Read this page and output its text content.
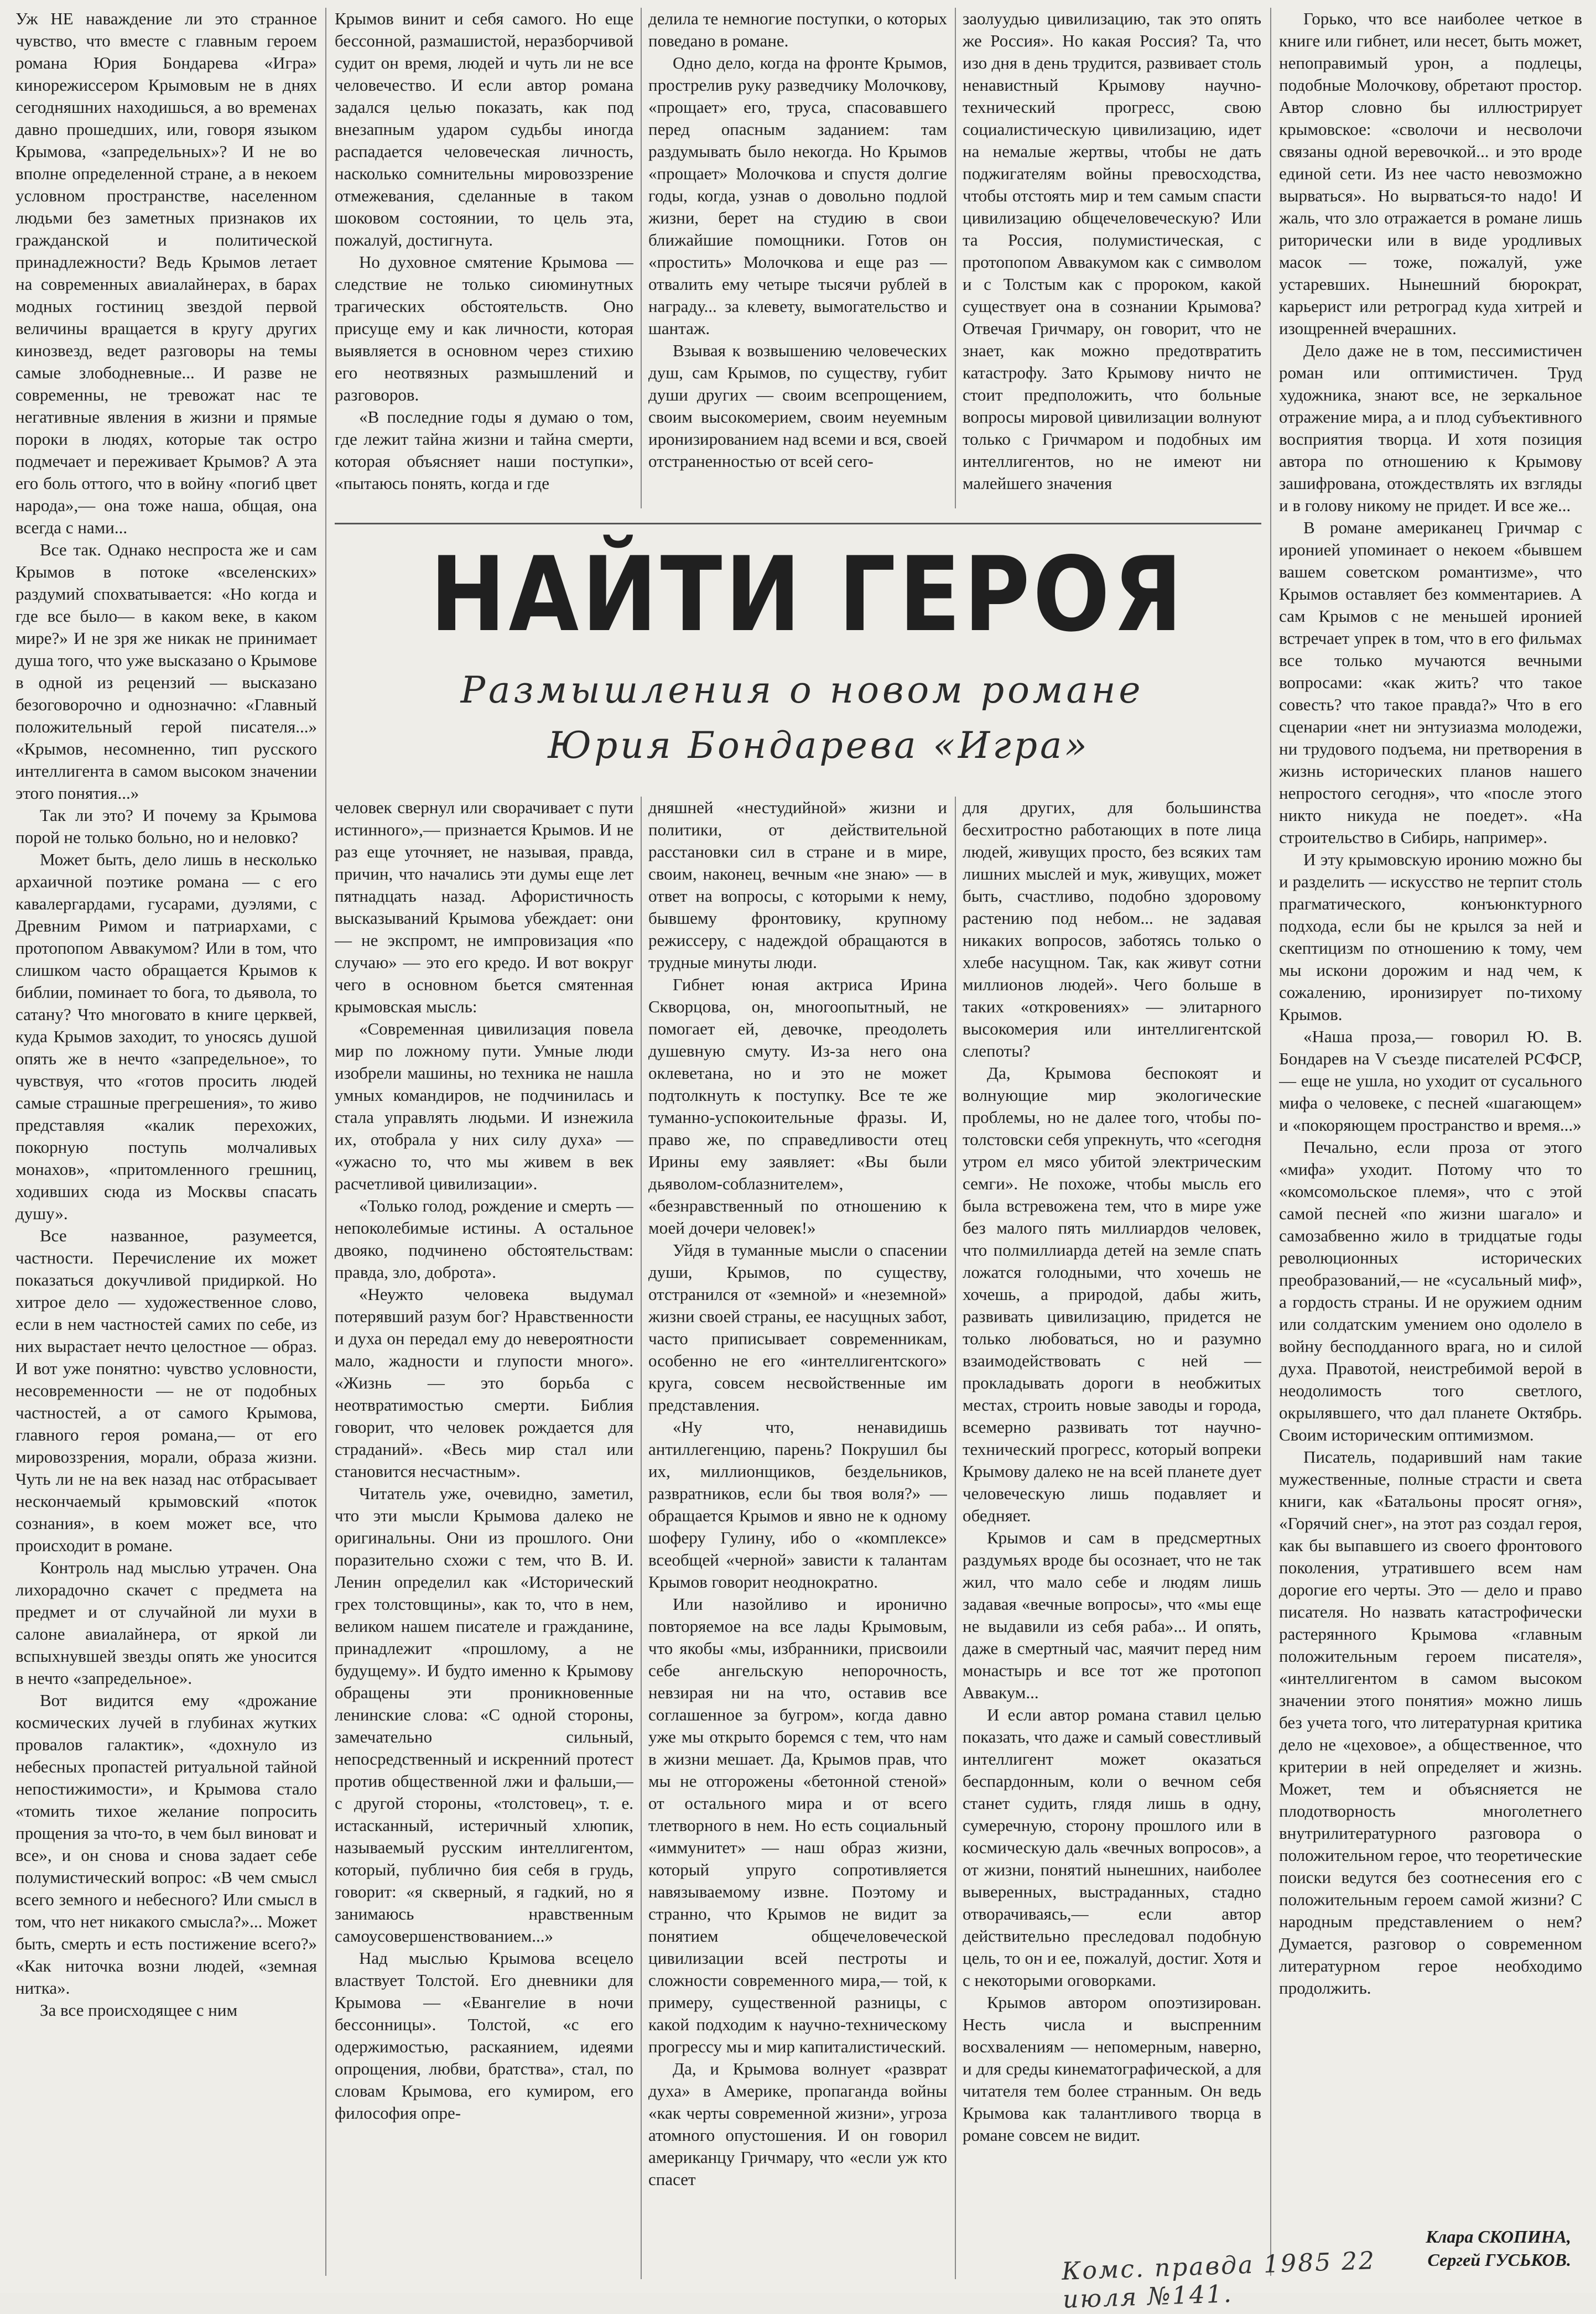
Уж НЕ наваждение ли это странное чувство, что вместе с главным героем романа Юрия Бондарева «Игра» кинорежиссером Крымовым не в днях сегодняшних находишься, а во временах давно прошедших, или, говоря языком Крымова, «запредельных»? И не во вполне определенной стране, а в некоем условном пространстве, населенном людьми без заметных признаков их гражданской и политической принадлежности? Ведь Крымов летает на современных авиалайнерах, в барах модных гостиниц звездой первой величины вращается в кругу других кинозвезд, ведет разговоры на темы самые злободневные... И разве не современны, не тревожат нас те негативные явления в жизни и прямые пороки в людях, которые так остро подмечает и переживает Крымов? А эта его боль оттого, что в войну «погиб цвет народа»,— она тоже наша, общая, она всегда с нами...

Все так. Однако неспроста же и сам Крымов в потоке «вселенских» раздумий спохватывается: «Но когда и где все было— в каком веке, в каком мире?» И не зря же никак не принимает душа того, что уже высказано о Крымове в одной из рецензий — высказано безоговорочно и однозначно: «Главный положительный герой писателя...» «Крымов, несомненно, тип русского интеллигента в самом высоком значении этого понятия...»

Так ли это? И почему за Крымова порой не только больно, но и неловко?

Может быть, дело лишь в несколько архаичной поэтике романа — с его кавалергардами, гусарами, дуэлями, с Древним Римом и патриархами, с протопопом Аввакумом? Или в том, что слишком часто обращается Крымов к библии, поминает то бога, то дьявола, то сатану? Что многовато в книге церквей, куда Крымов заходит, то уносясь душой опять же в нечто «запредельное», то чувствуя, что «готов просить людей самые страшные прегрешения», то живо представляя «калик перехожих, покорную поступь молчаливых монахов», «притомленного грешниц, ходивших сюда из Москвы спасать душу».

Все названное, разумеется, частности. Перечисление их может показаться докучливой придиркой. Но хитрое дело — художественное слово, если в нем частностей самих по себе, из них вырастает нечто целостное — образ. И вот уже понятно: чувство условности, несовременности — не от подобных частностей, а от самого Крымова, главного героя романа,— от его мировоззрения, морали, образа жизни. Чуть ли не на век назад нас отбрасывает нескончаемый крымовский «поток сознания», в коем может все, что происходит в романе.

Контроль над мыслью утрачен. Она лихорадочно скачет с предмета на предмет и от случайной ли мухи в салоне авиалайнера, от яркой ли вспыхнувшей звезды опять же уносится в нечто «запредельное».

Вот видится ему «дрожание космических лучей в глубинах жутких провалов галактик», «дохнуло из небесных пропастей ритуальной тайной непостижимости», и Крымова стало «томить тихое желание попросить прощения за что-то, в чем был виноват и все», и он снова и снова задает себе полумистический вопрос: «В чем смысл всего земного и небесного? Или смысл в том, что нет никакого смысла?»... Может быть, смерть и есть постижение всего?» «Как ниточка возни людей, «земная нитка».

За все происходящее с ним

Крымов винит и себя самого. Но еще бессонной, размашистой, неразборчивой судит он время, людей и чуть ли не все человечество. И если автор романа задался целью показать, как под внезапным ударом судьбы иногда распадается человеческая личность, насколько сомнительны мировоззрение отмежевания, сделанные в таком шоковом состоянии, то цель эта, пожалуй, достигнута.

Но духовное смятение Крымова — следствие не только сиюминутных трагических обстоятельств. Оно присуще ему и как личности, которая выявляется в основном через стихию его неотвязных размышлений и разговоров.

«В последние годы я думаю о том, где лежит тайна жизни и тайна смерти, которая объясняет наши поступки», «пытаюсь понять, когда и где

делила те немногие поступки, о которых поведано в романе.

Одно дело, когда на фронте Крымов, прострелив руку разведчику Молочкову, «прощает» его, труса, спасовавшего перед опасным заданием: там раздумывать было некогда. Но Крымов «прощает» Молочкова и спустя долгие годы, когда, узнав о довольно подлой жизни, берет на студию в свои ближайшие помощники. Готов он «простить» Молочкова и еще раз — отвалить ему четыре тысячи рублей в награду... за клевету, вымогательство и шантаж.

Взывая к возвышению человеческих душ, сам Крымов, по существу, губит души других — своим всепрощением, своим высокомерием, своим неуемным иронизированием над всеми и вся, своей отстраненностью от всей сего-

заолуудью цивилизацию, так это опять же Россия». Но какая Россия? Та, что изо дня в день трудится, развивает столь ненавистный Крымову научно-технический прогресс, свою социалистическую цивилизацию, идет на немалые жертвы, чтобы не дать поджигателям войны превосходства, чтобы отстоять мир и тем самым спасти цивилизацию общечеловеческую? Или та Россия, полумистическая, с протопопом Аввакумом как с символом и с Толстым как с пророком, какой существует она в сознании Крымова? Отвечая Гричмару, он говорит, что не знает, как можно предотвратить катастрофу. Зато Крымову ничто не стоит предположить, что больные вопросы мировой цивилизации волнуют только с Гричмаром и подобных им интеллигентов, но не имеют ни малейшего значения

Горько, что все наиболее четкое в книге или гибнет, или несет, быть может, непоправимый урон, а подлецы, подобные Молочкову, обретают простор. Автор словно бы иллюстрирует крымовское: «сволочи и несволочи связаны одной веревочкой... и это вроде единой сети. Из нее часто невозможно вырваться». Но вырваться-то надо! И жаль, что зло отражается в романе лишь риторически или в виде уродливых масок — тоже, пожалуй, уже устаревших. Нынешний бюрократ, карьерист или ретроград куда хитрей и изощренней вчерашних.

Дело даже не в том, пессимистичен роман или оптимистичен. Труд художника, знают все, не зеркальное отражение мира, а и плод субъективного восприятия творца. И хотя позиция автора по отношению к Крымову зашифрована, отождествлять их взгляды и в голову никому не придет. И все же...

В романе американец Гричмар с иронией упоминает о некоем «бывшем вашем советском романтизме», что Крымов оставляет без комментариев. А сам Крымов с не меньшей иронией встречает упрек в том, что в его фильмах все только мучаются вечными вопросами: «как жить? что такое совесть? что такое правда?» Что в его сценарии «нет ни энтузиазма молодежи, ни трудового подъема, ни претворения в жизнь исторических планов нашего непростого сегодня», что «после этого никто никуда не поедет». «На строительство в Сибирь, например».

И эту крымовскую иронию можно бы и разделить — искусство не терпит столь прагматического, конъюнктурного подхода, если бы не крылся за ней и скептицизм по отношению к тому, чем мы искони дорожим и над чем, к сожалению, иронизирует по-тихому Крымов.

«Наша проза,— говорил Ю. В. Бондарев на V съезде писателей РСФСР,— еще не ушла, но уходит от сусального мифа о человеке, с песней «шагающем» и «покоряющем пространство и время...»

Печально, если проза от этого «мифа» уходит. Потому что то «комсомольское племя», что с этой самой песней «по жизни шагало» и самозабвенно жило в тридцатые годы революционных исторических преобразований,— не «сусальный миф», а гордость страны. И не оружием одним или солдатским умением оно одолело в войну бесподданного врага, но и силой духа. Правотой, неистребимой верой в неодолимость того светлого, окрылявшего, что дал планете Октябрь. Своим историческим оптимизмом.

Писатель, подаривший нам такие мужественные, полные страсти и света книги, как «Батальоны просят огня», «Горячий снег», на этот раз создал героя, как бы выпавшего из своего фронтового поколения, утратившего всем нам дорогие его черты. Это — дело и право писателя. Но назвать катастрофически растерянного Крымова «главным положительным героем писателя», «интеллигентом в самом высоком значении этого понятия» можно лишь без учета того, что литературная критика дело не «цеховое», а общественное, что критерии в ней определяет и жизнь. Может, тем и объясняется не плодотворность многолетнего внутрилитературного разговора о положительном герое, что теоретические поиски ведутся без соотнесения его с положительным героем самой жизни? С народным представлением о нем? Думается, разговор о современном литературном герое необходимо продолжить.

НАЙТИ ГЕРОЯ
Размышления о новом романе
Юрия Бондарева «Игра»

человек свернул или сворачивает с пути истинного»,— признается Крымов. И не раз еще уточняет, не называя, правда, причин, что начались эти думы еще лет пятнадцать назад. Афористичность высказываний Крымова убеждает: они — не экспромт, не импровизация «по случаю» — это его кредо. И вот вокруг чего в основном бьется смятенная крымовская мысль:

«Современная цивилизация повела мир по ложному пути. Умные люди изобрели машины, но техника не нашла умных командиров, не подчинилась и стала управлять людьми. И изнежила их, отобрала у них силу духа» — «ужасно то, что мы живем в век расчетливой цивилизации».

«Только голод, рождение и смерть — непоколебимые истины. А остальное двояко, подчинено обстоятельствам: правда, зло, доброта».

«Неужто человека выдумал потерявший разум бог? Нравственности и духа он передал ему до невероятности мало, жадности и глупости много». «Жизнь — это борьба с неотвратимостью смерти. Библия говорит, что человек рождается для страданий». «Весь мир стал или становится несчастным».

Читатель уже, очевидно, заметил, что эти мысли Крымова далеко не оригинальны. Они из прошлого. Они поразительно схожи с тем, что В. И. Ленин определил как «Исторический грех толстовщины», как то, что в нем, великом нашем писателе и гражданине, принадлежит «прошлому, а не будущему». И будто именно к Крымову обращены эти проникновенные ленинские слова: «С одной стороны, замечательно сильный, непосредственный и искренний протест против общественной лжи и фальши,— с другой стороны, «толстовец», т. е. истасканный, истеричный хлюпик, называемый русским интеллигентом, который, публично бия себя в грудь, говорит: «я скверный, я гадкий, но я занимаюсь нравственным самоусовершенствованием...»

Над мыслью Крымова всецело властвует Толстой. Его дневники для Крымова — «Евангелие в ночи бессонницы». Толстой, «с его одержимостью, раскаянием, идеями опрощения, любви, братства», стал, по словам Крымова, его кумиром, его философия опре-

дняшней «нестудийной» жизни и политики, от действительной расстановки сил в стране и в мире, своим, наконец, вечным «не знаю» — в ответ на вопросы, с которыми к нему, бывшему фронтовику, крупному режиссеру, с надеждой обращаются в трудные минуты люди.

Гибнет юная актриса Ирина Скворцова, он, многоопытный, не помогает ей, девочке, преодолеть душевную смуту. Из-за него она оклеветана, но и это не может подтолкнуть к поступку. Все те же туманно-успокоительные фразы. И, право же, по справедливости отец Ирины ему заявляет: «Вы были дьяволом-соблазнителем», «безнравственный по отношению к моей дочери человек!»

Уйдя в туманные мысли о спасении души, Крымов, по существу, отстранился от «земной» и «неземной» жизни своей страны, ее насущных забот, часто приписывает современникам, особенно не его «интеллигентского» круга, совсем несвойственные им представления.

«Ну что, ненавидишь антиллегенцию, парень? Покрушил бы их, миллионщиков, бездельников, развратников, если бы твоя воля?» — обращается Крымов и явно не к одному шоферу Гулину, ибо о «комплексе» всеобщей «черной» зависти к талантам Крымов говорит неоднократно.

Или назойливо и иронично повторяемое на все лады Крымовым, что якобы «мы, избранники, присвоили себе ангельскую непорочность, невзирая ни на что, оставив все соглашенное за бугром», когда давно уже мы открыто боремся с тем, что нам в жизни мешает. Да, Крымов прав, что мы не отгорожены «бетонной стеной» от остального мира и от всего тлетворного в нем. Но есть социальный «иммунитет» — наш образ жизни, который упруго сопротивляется навязываемому извне. Поэтому и странно, что Крымов не видит за понятием общечеловеческой цивилизации всей пестроты и сложности современного мира,— той, к примеру, существенной разницы, с какой подходим к научно-техническому прогрессу мы и мир капиталистический.

Да, и Крымова волнует «разврат духа» в Америке, пропаганда войны «как черты современной жизни», угроза атомного опустошения. И он говорил американцу Гричмару, что «если уж кто спасет

для других, для большинства бесхитростно работающих в поте лица людей, живущих просто, без всяких там лишних мыслей и мук, живущих, может быть, счастливо, подобно здоровому растению под небом... не задавая никаких вопросов, заботясь только о хлебе насущном. Так, как живут сотни миллионов людей». Чего больше в таких «откровениях» — элитарного высокомерия или интеллигентской слепоты?

Да, Крымова беспокоят и волнующие мир экологические проблемы, но не далее того, чтобы по-толстовски себя упрекнуть, что «сегодня утром ел мясо убитой электрическим семги». Не похоже, чтобы мысль его была встревожена тем, что в мире уже без малого пять миллиардов человек, что полмиллиарда детей на земле спать ложатся голодными, что хочешь не хочешь, а природой, дабы жить, развивать цивилизацию, придется не только любоваться, но и разумно взаимодействовать с ней — прокладывать дороги в необжитых местах, строить новые заводы и города, всемерно развивать тот научно-технический прогресс, который вопреки Крымову далеко не на всей планете дует человеческую лишь подавляет и обедняет.

Крымов и сам в предсмертных раздумьях вроде бы осознает, что не так жил, что мало себе и людям лишь задавая «вечные вопросы», что «мы еще не выдавили из себя раба»... И опять, даже в смертный час, маячит перед ним монастырь и все тот же протопоп Аввакум...

И если автор романа ставил целью показать, что даже и самый совестливый интеллигент может оказаться беспардонным, коли о вечном себя станет судить, глядя лишь в одну, сумеречную, сторону прошлого или в космическую даль «вечных вопросов», а от жизни, понятий нынешних, наиболее выверенных, выстраданных, стадно отворачиваясь,— если автор действительно преследовал подобную цель, то он и ее, пожалуй, достиг. Хотя и с некоторыми оговорками.

Крымов автором опоэтизирован. Несть числа и выспренним восхвалениям — непомерным, наверно, и для среды кинематографической, а для читателя тем более странным. Он ведь Крымова как талантливого творца в романе совсем не видит.

Клара СКОПИНА,
Сергей ГУСЬКОВ.
Комс. правда 1985 22 июля №141.
